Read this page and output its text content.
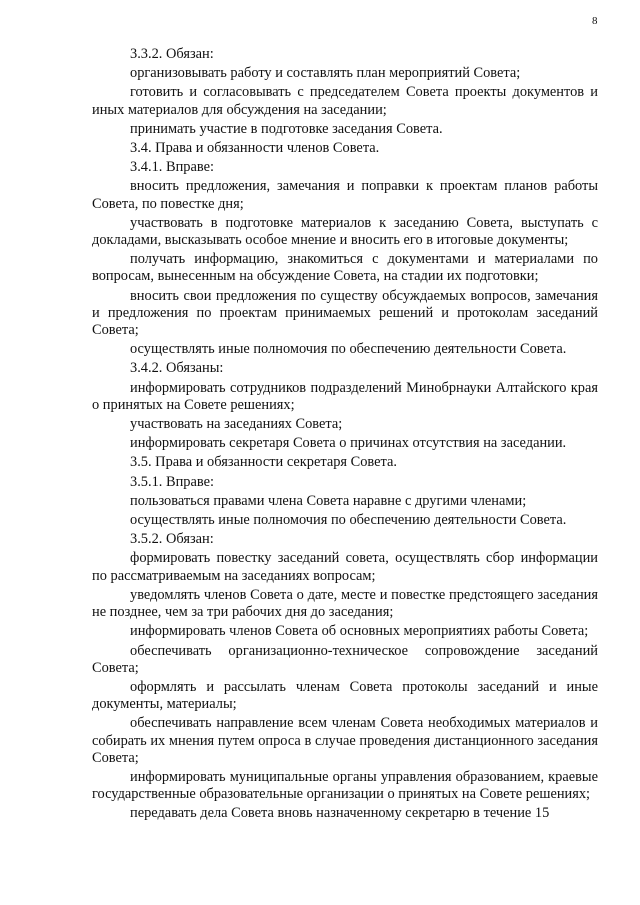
8

3.3.2. Обязан:

организовывать работу и составлять план мероприятий Совета;

готовить и согласовывать с председателем Совета проекты документов и иных материалов для обсуждения на заседании;

принимать участие в подготовке заседания Совета.

3.4. Права и обязанности членов Совета.

3.4.1. Вправе:

вносить предложения, замечания и поправки к проектам планов работы Совета, по повестке дня;

участвовать в подготовке материалов к заседанию Совета, выступать с докладами, высказывать особое мнение и вносить его в итоговые документы;

получать информацию, знакомиться с документами и материалами по вопросам, вынесенным на обсуждение Совета, на стадии их подготовки;

вносить свои предложения по существу обсуждаемых вопросов, замечания и предложения по проектам принимаемых решений и протоколам заседаний Совета;

осуществлять иные полномочия по обеспечению деятельности Совета.

3.4.2. Обязаны:

информировать сотрудников подразделений Минобрнауки Алтайского края о принятых на Совете решениях;

участвовать на заседаниях Совета;

информировать секретаря Совета о причинах отсутствия на заседании.

3.5. Права и обязанности секретаря Совета.

3.5.1. Вправе:

пользоваться правами члена Совета наравне с другими членами;

осуществлять иные полномочия по обеспечению деятельности Совета.

3.5.2. Обязан:

формировать повестку заседаний совета, осуществлять сбор информации по рассматриваемым на заседаниях вопросам;

уведомлять членов Совета о дате, месте и повестке предстоящего заседания не позднее, чем за три рабочих дня до заседания;

информировать членов Совета об основных мероприятиях работы Совета;

обеспечивать организационно-техническое сопровождение заседаний Совета;

оформлять и рассылать членам Совета протоколы заседаний и иные документы, материалы;

обеспечивать направление всем членам Совета необходимых материалов и собирать их мнения путем опроса в случае проведения дистанционного заседания Совета;

информировать муниципальные органы управления образованием, краевые государственные образовательные организации о принятых на Совете решениях;

передавать дела Совета вновь назначенному секретарю в течение 15
